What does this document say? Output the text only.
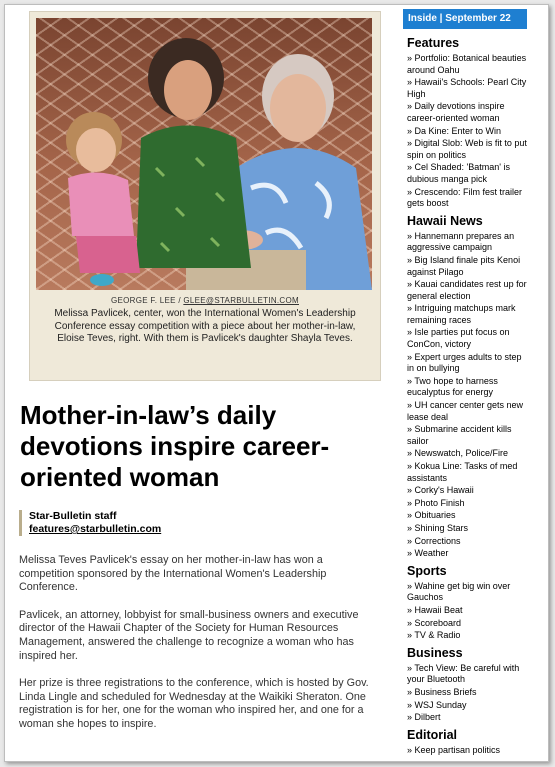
GEORGE F. LEE / GLEE@STARBULLETIN.COM
Melissa Pavlicek, center, won the International Women's Leadership Conference essay competition with a piece about her mother-in-law, Eloise Teves, right. With them is Pavlicek's daughter Shayla Teves.
Mother-in-law’s daily devotions inspire career-oriented woman
Star-Bulletin staff
features@starbulletin.com

Melissa Teves Pavlicek's essay on her mother-in-law has won a competition sponsored by the International Women's Leadership Conference.

Pavlicek, an attorney, lobbyist for small-business owners and executive director of the Hawaii Chapter of the Society for Human Resources Management, answered the challenge to recognize a woman who has inspired her.

Her prize is three registrations to the conference, which is hosted by Gov. Linda Lingle and scheduled for Wednesday at the Waikiki Sheraton. One registration is for her, one for the woman who inspired her, and one for a woman she hopes to inspire.

Inside | September 22
Features
» Portfolio: Botanical beauties around Oahu
» Hawaii's Schools: Pearl City High
» Daily devotions inspire career-oriented woman
» Da Kine: Enter to Win
» Digital Slob: Web is fit to put spin on politics
» Cel Shaded: 'Batman' is dubious manga pick
» Crescendo: Film fest trailer gets boost
Hawaii News
» Hannemann prepares an aggressive campaign
» Big Island finale pits Kenoi against Pilago
» Kauai candidates rest up for general election
» Intriguing matchups mark remaining races
» Isle parties put focus on ConCon, victory
» Expert urges adults to step in on bullying
» Two hope to harness eucalyptus for energy
» UH cancer center gets new lease deal
» Submarine accident kills sailor
» Newswatch, Police/Fire
» Kokua Line: Tasks of med assistants
» Corky's Hawaii
» Photo Finish
» Obituaries
» Shining Stars
» Corrections
» Weather
Sports
» Wahine get big win over Gauchos
» Hawaii Beat
» Scoreboard
» TV & Radio
Business
» Tech View: Be careful with your Bluetooth
» Business Briefs
» WSJ Sunday
» Dilbert
Editorial
» Keep partisan politics
